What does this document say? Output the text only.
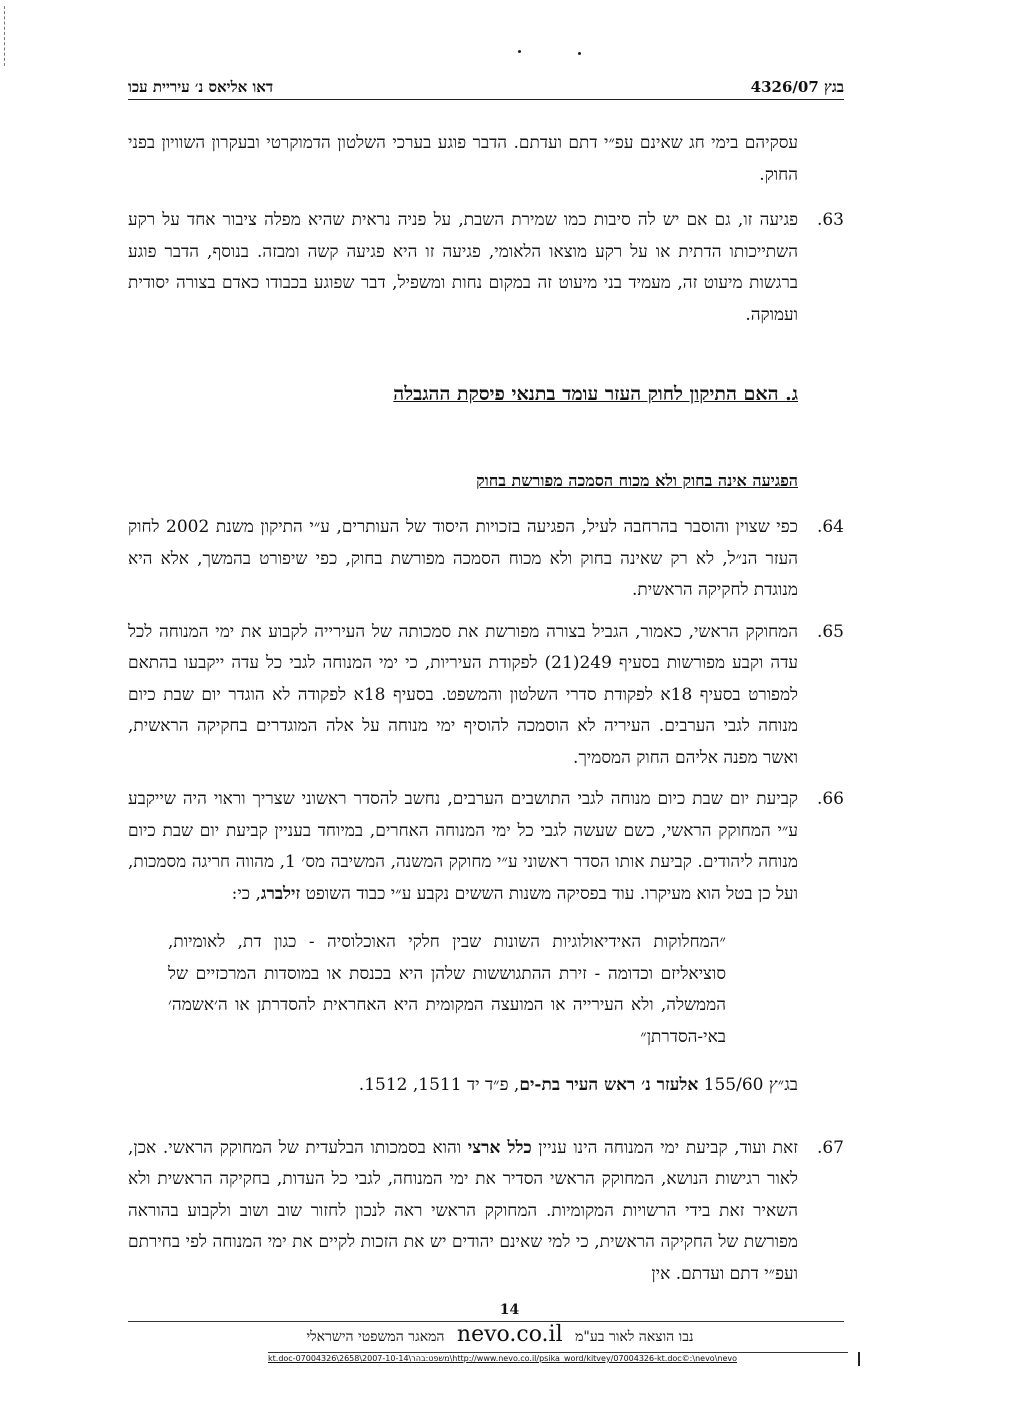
בגץ 4326/07
דאו אליאס נ׳ עיריית עכו

עסקיהם בימי חג שאינם עפ״י דתם ועדתם. הדבר פוגע בערכי השלטון הדמוקרטי ובעקרון השוויון בפני החוק.

63.
פגיעה זו, גם אם יש לה סיבות כמו שמירת השבת, על פניה נראית שהיא מפלה ציבור אחד על רקע השתייכותו הדתית או על רקע מוצאו הלאומי, פגיעה זו היא פגיעה קשה ומבזה. בנוסף, הדבר פוגע ברגשות מיעוט זה, מעמיד בני מיעוט זה במקום נחות ומשפיל, דבר שפוגע בכבודו כאדם בצורה יסודית ועמוקה.

ג. האם התיקון לחוק העזר עומד בתנאי פיסקת ההגבלה
הפגיעה אינה בחוק ולא מכוח הסמכה מפורשת בחוק

64.
כפי שצוין והוסבר בהרחבה לעיל, הפגיעה בזכויות היסוד של העותרים, ע״י התיקון משנת 2002 לחוק העזר הנ״ל, לא רק שאינה בחוק ולא מכוח הסמכה מפורשת בחוק, כפי שיפורט בהמשך, אלא היא מנוגדת לחקיקה הראשית.

65.
המחוקק הראשי, כאמור, הגביל בצורה מפורשת את סמכותה של העירייה לקבוע את ימי המנוחה לכל עדה וקבע מפורשות בסעיף 249(21) לפקודת העיריות, כי ימי המנוחה לגבי כל עדה ייקבעו בהתאם למפורט בסעיף 18א לפקודת סדרי השלטון והמשפט. בסעיף 18א לפקודה לא הוגדר יום שבת כיום מנוחה לגבי הערבים. העיריה לא הוסמכה להוסיף ימי מנוחה על אלה המוגדרים בחקיקה הראשית, ואשר מפנה אליהם החוק המסמיך.

66.
קביעת יום שבת כיום מנוחה לגבי התושבים הערבים, נחשב להסדר ראשוני שצריך וראוי היה שייקבע ע״י המחוקק הראשי, כשם שעשה לגבי כל ימי המנוחה האחרים, במיוחד בעניין קביעת יום שבת כיום מנוחה ליהודים. קביעת אותו הסדר ראשוני ע״י מחוקק המשנה, המשיבה מס׳ 1, מהווה חריגה מסמכות, ועל כן בטל הוא מעיקרו. עוד בפסיקה משנות הששים נקבע ע״י כבוד השופט זילברג, כי:

״המחלוקות האידיאולוגיות השונות שבין חלקי האוכלוסיה - כגון דת, לאומיות, סוציאליזם וכדומה - זירת ההתגוששות שלהן היא בכנסת או במוסדות המרכזיים של הממשלה, ולא העירייה או המועצה המקומית היא האחראית להסדרתן או ה׳אשמה׳ באי-הסדרתן״

בג״ץ 155/60 אלעזר נ׳ ראש העיר בת-ים, פ״ד יד 1511, 1512.

67.
זאת ועוד, קביעת ימי המנוחה הינו עניין כלל ארצי והוא בסמכותו הבלעדית של המחוקק הראשי. אכן, לאור רגישות הנושא, המחוקק הראשי הסדיר את ימי המנוחה, לגבי כל העדות, בחקיקה הראשית ולא השאיר זאת בידי הרשויות המקומיות. המחוקק הראשי ראה לנכון לחזור שוב ושוב ולקבוע בהוראה מפורשת של החקיקה הראשית, כי למי שאינם יהודים יש את הזכות לקיים את ימי המנוחה לפי בחירתם ועפ״י דתם ועדתם. אין

14
נבו הוצאה לאור בע"מ nevo.co.il המאגר המשפטי הישראלי
kt.doc-07004326\2658\2007-10-14\משפט:בהר\http://www.nevo.co.il/psika_word/kitvey/07004326-kt.doc©:\nevo\nevo
